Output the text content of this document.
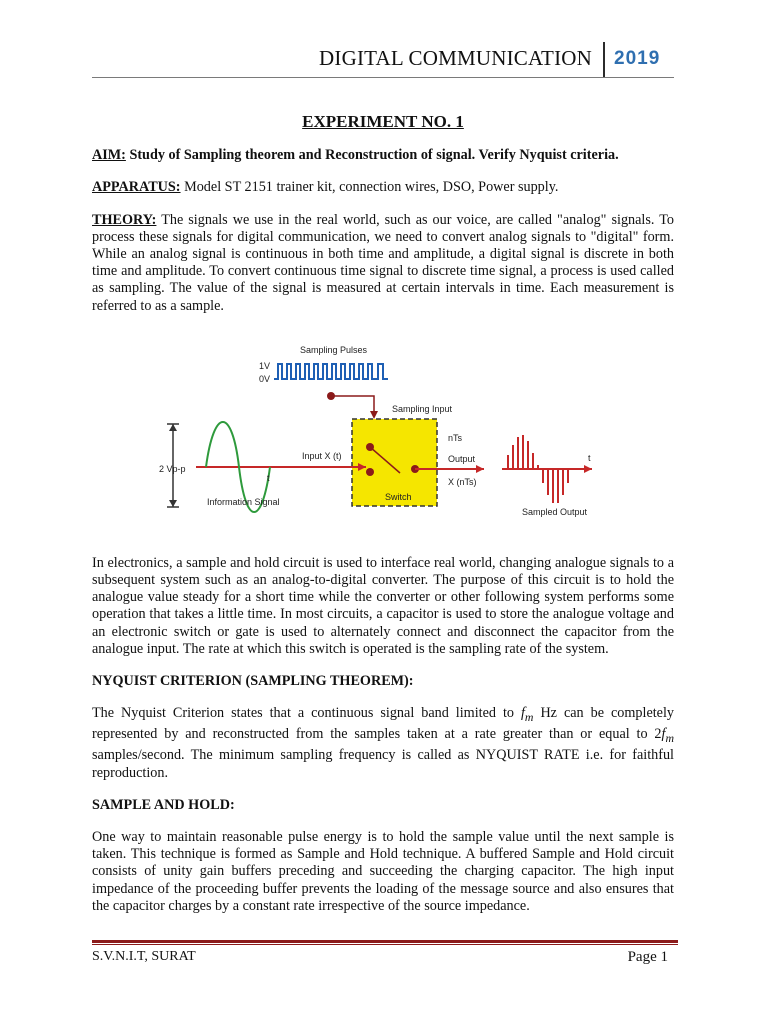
DIGITAL COMMUNICATION 2019
EXPERIMENT NO. 1

AIM: Study of Sampling theorem and Reconstruction of signal. Verify Nyquist criteria.

APPARATUS: Model ST 2151 trainer kit, connection wires, DSO, Power supply.

THEORY: The signals we use in the real world, such as our voice, are called "analog" signals. To process these signals for digital communication, we need to convert analog signals to "digital" form. While an analog signal is continuous in both time and amplitude, a digital signal is discrete in both time and amplitude. To convert continuous time signal to discrete time signal, a process is used called as sampling. The value of the signal is measured at certain intervals in time. Each measurement is referred to as a sample.

Sampling Pulses
1V
0V
Sampling Input
Switch
nTs
Output
X (nTs)
2 Vp-p
t
Input X (t)
Information Signal
t
Sampled Output

In electronics, a sample and hold circuit is used to interface real world, changing analogue signals to a subsequent system such as an analog-to-digital converter. The purpose of this circuit is to hold the analogue value steady for a short time while the converter or other following system performs some operation that takes a little time. In most circuits, a capacitor is used to store the analogue voltage and an electronic switch or gate is used to alternately connect and disconnect the capacitor from the analogue input. The rate at which this switch is operated is the sampling rate of the system.

NYQUIST CRITERION (SAMPLING THEOREM):

The Nyquist Criterion states that a continuous signal band limited to $f_m$ Hz can be completely represented by and reconstructed from the samples taken at a rate greater than or equal to $2f_m$ samples/second. The minimum sampling frequency is called as NYQUIST RATE i.e. for faithful reproduction.

SAMPLE AND HOLD:

One way to maintain reasonable pulse energy is to hold the sample value until the next sample is taken. This technique is formed as Sample and Hold technique. A buffered Sample and Hold circuit consists of unity gain buffers preceding and succeeding the charging capacitor. The high input impedance of the proceeding buffer prevents the loading of the message source and also ensures that the capacitor charges by a constant rate irrespective of the source impedance.

S.V.N.I.T, SURAT	Page 1
